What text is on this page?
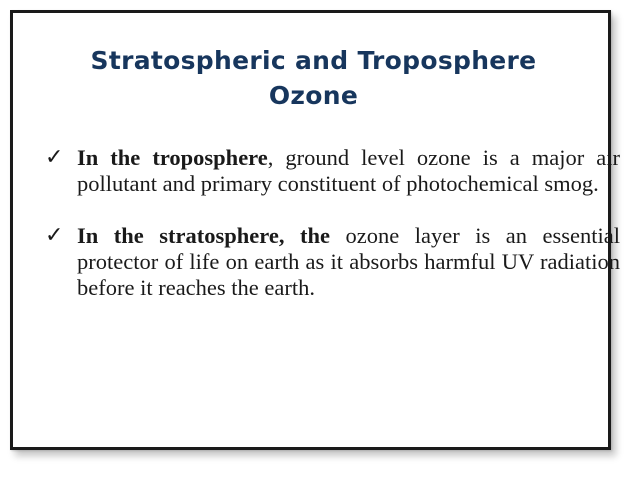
Stratospheric and Troposphere
Ozone
✓ In the troposphere, ground level ozone is a major air pollutant and primary constituent of photochemical smog.
✓ In the stratosphere, the ozone layer is an essential protector of life on earth as it absorbs harmful UV radiation before it reaches the earth.
